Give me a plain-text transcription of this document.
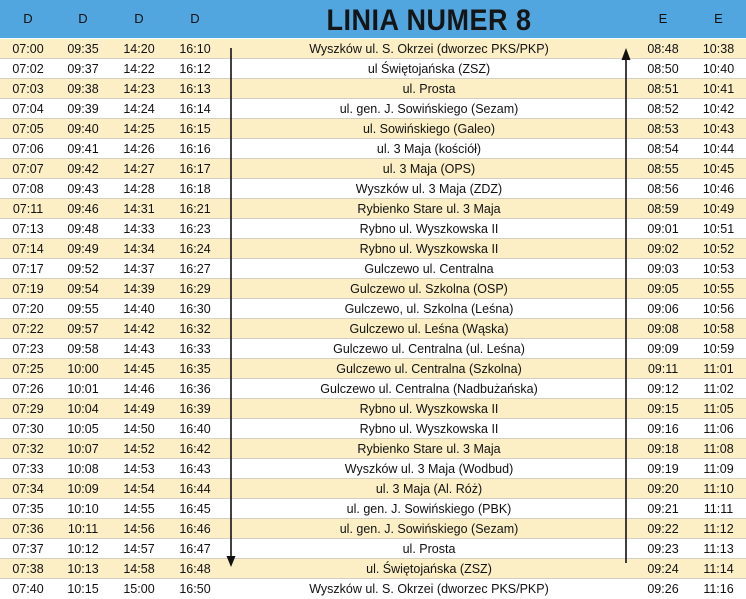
D	D	D	D	LINIA NUMER 8	E	E
07:00	09:35	14:20	16:10	Wyszków ul. S. Okrzei (dworzec PKS/PKP)	08:48	10:38
07:02	09:37	14:22	16:12	ul Świętojańska (ZSZ)	08:50	10:40
07:03	09:38	14:23	16:13	ul. Prosta	08:51	10:41
07:04	09:39	14:24	16:14	ul. gen. J. Sowińskiego (Sezam)	08:52	10:42
07:05	09:40	14:25	16:15	ul. Sowińskiego (Galeo)	08:53	10:43
07:06	09:41	14:26	16:16	ul. 3 Maja (kościół)	08:54	10:44
07:07	09:42	14:27	16:17	ul. 3 Maja (OPS)	08:55	10:45
07:08	09:43	14:28	16:18	Wyszków ul. 3 Maja (ZDZ)	08:56	10:46
07:11	09:46	14:31	16:21	Rybienko Stare ul. 3 Maja	08:59	10:49
07:13	09:48	14:33	16:23	Rybno ul. Wyszkowska II	09:01	10:51
07:14	09:49	14:34	16:24	Rybno ul. Wyszkowska II	09:02	10:52
07:17	09:52	14:37	16:27	Gulczewo ul. Centralna	09:03	10:53
07:19	09:54	14:39	16:29	Gulczewo ul. Szkolna (OSP)	09:05	10:55
07:20	09:55	14:40	16:30	Gulczewo, ul. Szkolna (Leśna)	09:06	10:56
07:22	09:57	14:42	16:32	Gulczewo ul. Leśna (Wąska)	09:08	10:58
07:23	09:58	14:43	16:33	Gulczewo ul. Centralna (ul. Leśna)	09:09	10:59
07:25	10:00	14:45	16:35	Gulczewo ul. Centralna (Szkolna)	09:11	11:01
07:26	10:01	14:46	16:36	Gulczewo ul. Centralna (Nadbużańska)	09:12	11:02
07:29	10:04	14:49	16:39	Rybno ul. Wyszkowska II	09:15	11:05
07:30	10:05	14:50	16:40	Rybno ul. Wyszkowska II	09:16	11:06
07:32	10:07	14:52	16:42	Rybienko Stare ul. 3 Maja	09:18	11:08
07:33	10:08	14:53	16:43	Wyszków ul. 3 Maja (Wodbud)	09:19	11:09
07:34	10:09	14:54	16:44	ul. 3 Maja (Al. Róż)	09:20	11:10
07:35	10:10	14:55	16:45	ul. gen. J. Sowińskiego (PBK)	09:21	11:11
07:36	10:11	14:56	16:46	ul. gen. J. Sowińskiego (Sezam)	09:22	11:12
07:37	10:12	14:57	16:47	ul. Prosta	09:23	11:13
07:38	10:13	14:58	16:48	ul. Świętojańska (ZSZ)	09:24	11:14
07:40	10:15	15:00	16:50	Wyszków ul. S. Okrzei (dworzec PKS/PKP)	09:26	11:16
